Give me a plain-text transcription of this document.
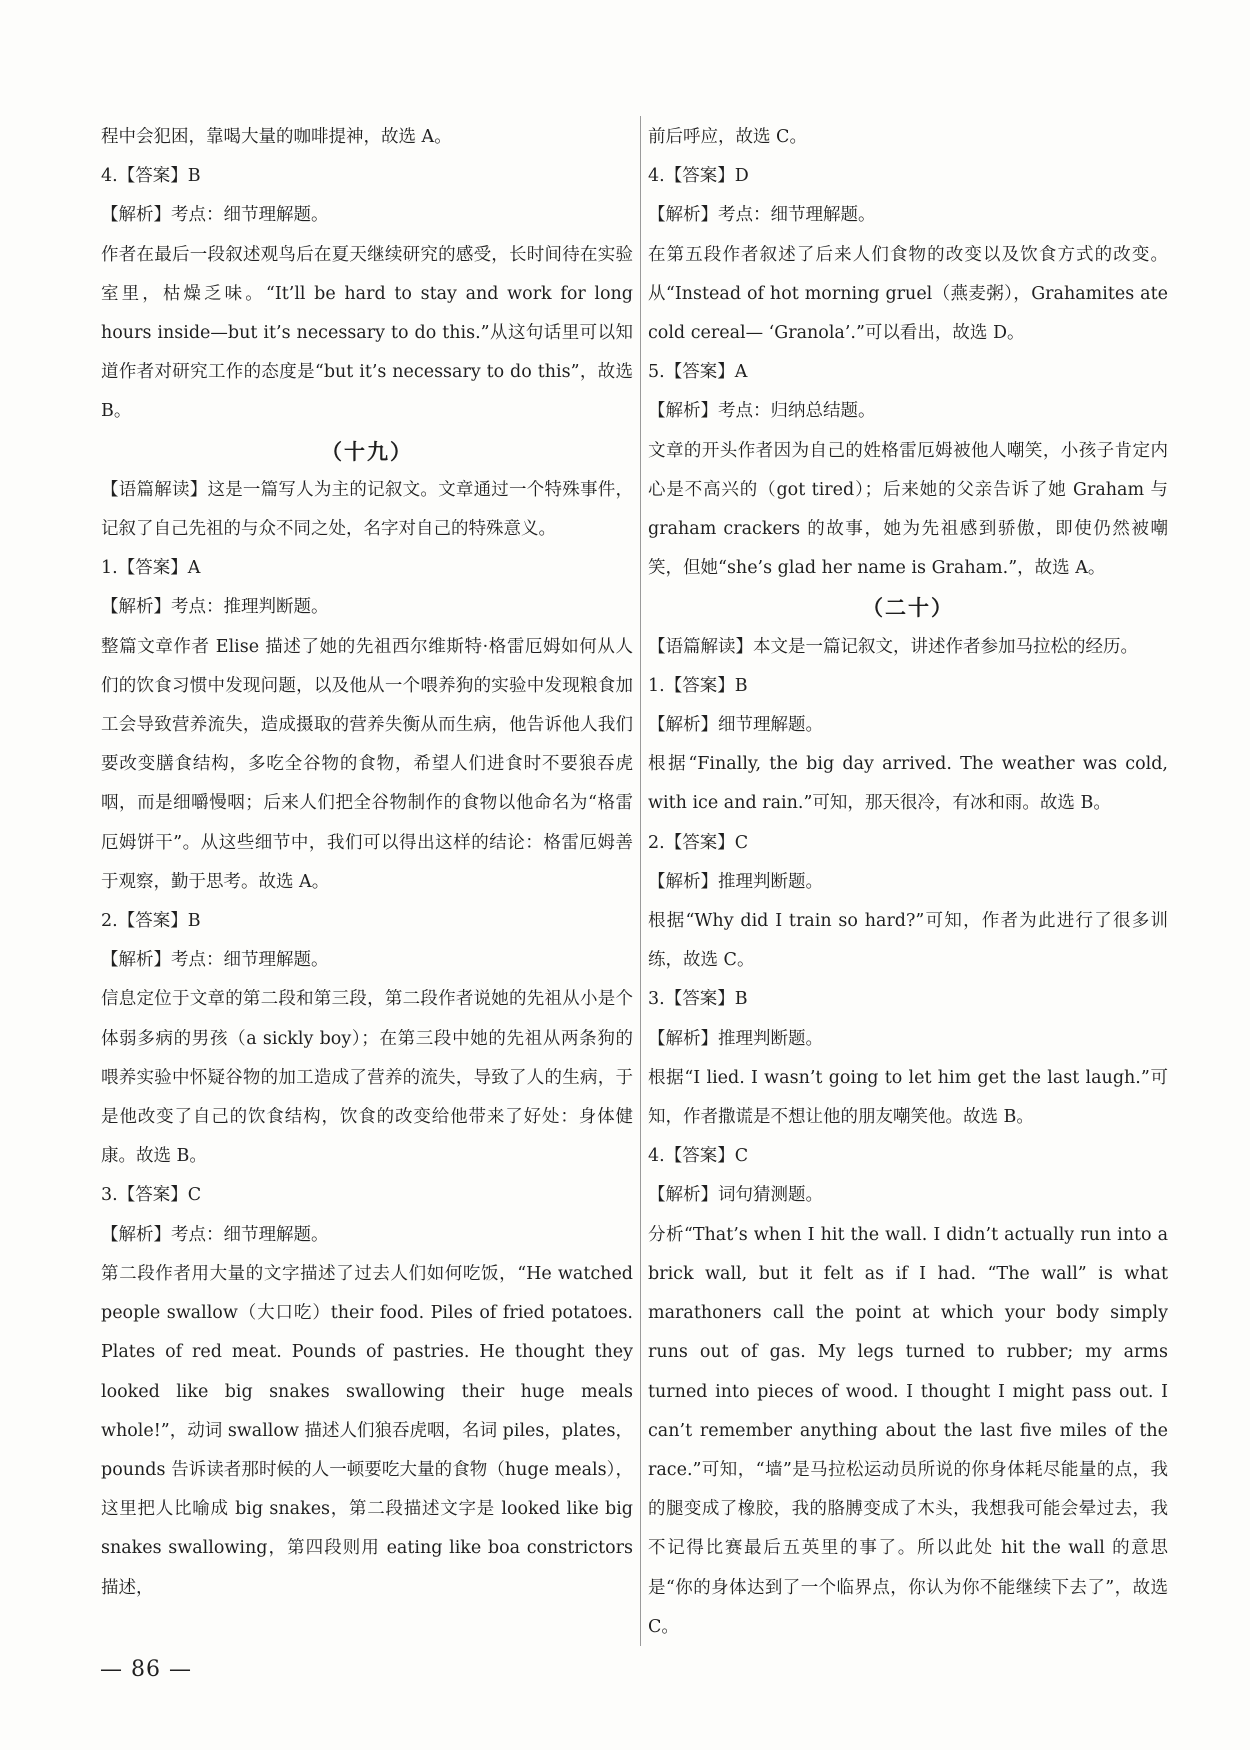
程中会犯困，靠喝大量的咖啡提神，故选 A。

4.【答案】B

【解析】考点：细节理解题。

作者在最后一段叙述观鸟后在夏天继续研究的感受，长时间待在实验室里，枯燥乏味。“It’ll be hard to stay and work for long hours inside—but it’s necessary to do this.”从这句话里可以知道作者对研究工作的态度是“but it’s necessary to do this”，故选 B。

（十九）

【语篇解读】这是一篇写人为主的记叙文。文章通过一个特殊事件，记叙了自己先祖的与众不同之处，名字对自己的特殊意义。

1.【答案】A

【解析】考点：推理判断题。

整篇文章作者 Elise 描述了她的先祖西尔维斯特·格雷厄姆如何从人们的饮食习惯中发现问题，以及他从一个喂养狗的实验中发现粮食加工会导致营养流失，造成摄取的营养失衡从而生病，他告诉他人我们要改变膳食结构，多吃全谷物的食物，希望人们进食时不要狼吞虎咽，而是细嚼慢咽；后来人们把全谷物制作的食物以他命名为“格雷厄姆饼干”。从这些细节中，我们可以得出这样的结论：格雷厄姆善于观察，勤于思考。故选 A。

2.【答案】B

【解析】考点：细节理解题。

信息定位于文章的第二段和第三段，第二段作者说她的先祖从小是个体弱多病的男孩（a sickly boy）；在第三段中她的先祖从两条狗的喂养实验中怀疑谷物的加工造成了营养的流失，导致了人的生病，于是他改变了自己的饮食结构，饮食的改变给他带来了好处：身体健康。故选 B。

3.【答案】C

【解析】考点：细节理解题。

第二段作者用大量的文字描述了过去人们如何吃饭，“He watched people swallow（大口吃）their food. Piles of fried potatoes. Plates of red meat. Pounds of pastries. He thought they looked like big snakes swallowing their huge meals whole!”，动词 swallow 描述人们狼吞虎咽，名词 piles，plates，pounds 告诉读者那时候的人一顿要吃大量的食物（huge meals），这里把人比喻成 big snakes，第二段描述文字是 looked like big snakes swallowing，第四段则用 eating like boa constrictors 描述，

前后呼应，故选 C。

4.【答案】D

【解析】考点：细节理解题。

在第五段作者叙述了后来人们食物的改变以及饮食方式的改变。从“Instead of hot morning gruel（燕麦粥），Grahamites ate cold cereal— ‘Granola’.”可以看出，故选 D。

5.【答案】A

【解析】考点：归纳总结题。

文章的开头作者因为自己的姓格雷厄姆被他人嘲笑，小孩子肯定内心是不高兴的（got tired）；后来她的父亲告诉了她 Graham 与 graham crackers 的故事，她为先祖感到骄傲，即使仍然被嘲笑，但她“she’s glad her name is Graham.”，故选 A。

（二十）

【语篇解读】本文是一篇记叙文，讲述作者参加马拉松的经历。

1.【答案】B

【解析】细节理解题。

根据“Finally, the big day arrived. The weather was cold, with ice and rain.”可知，那天很冷，有冰和雨。故选 B。

2.【答案】C

【解析】推理判断题。

根据“Why did I train so hard?”可知，作者为此进行了很多训练，故选 C。

3.【答案】B

【解析】推理判断题。

根据“I lied. I wasn’t going to let him get the last laugh.”可知，作者撒谎是不想让他的朋友嘲笑他。故选 B。

4.【答案】C

【解析】词句猜测题。

分析“That’s when I hit the wall. I didn’t actually run into a brick wall, but it felt as if I had. “The wall” is what marathoners call the point at which your body simply runs out of gas. My legs turned to rubber; my arms turned into pieces of wood. I thought I might pass out. I can’t remember anything about the last five miles of the race.”可知，“墙”是马拉松运动员所说的你身体耗尽能量的点，我的腿变成了橡胶，我的胳膊变成了木头，我想我可能会晕过去，我不记得比赛最后五英里的事了。所以此处 hit the wall 的意思是“你的身体达到了一个临界点，你认为你不能继续下去了”，故选 C。

— 86 —
